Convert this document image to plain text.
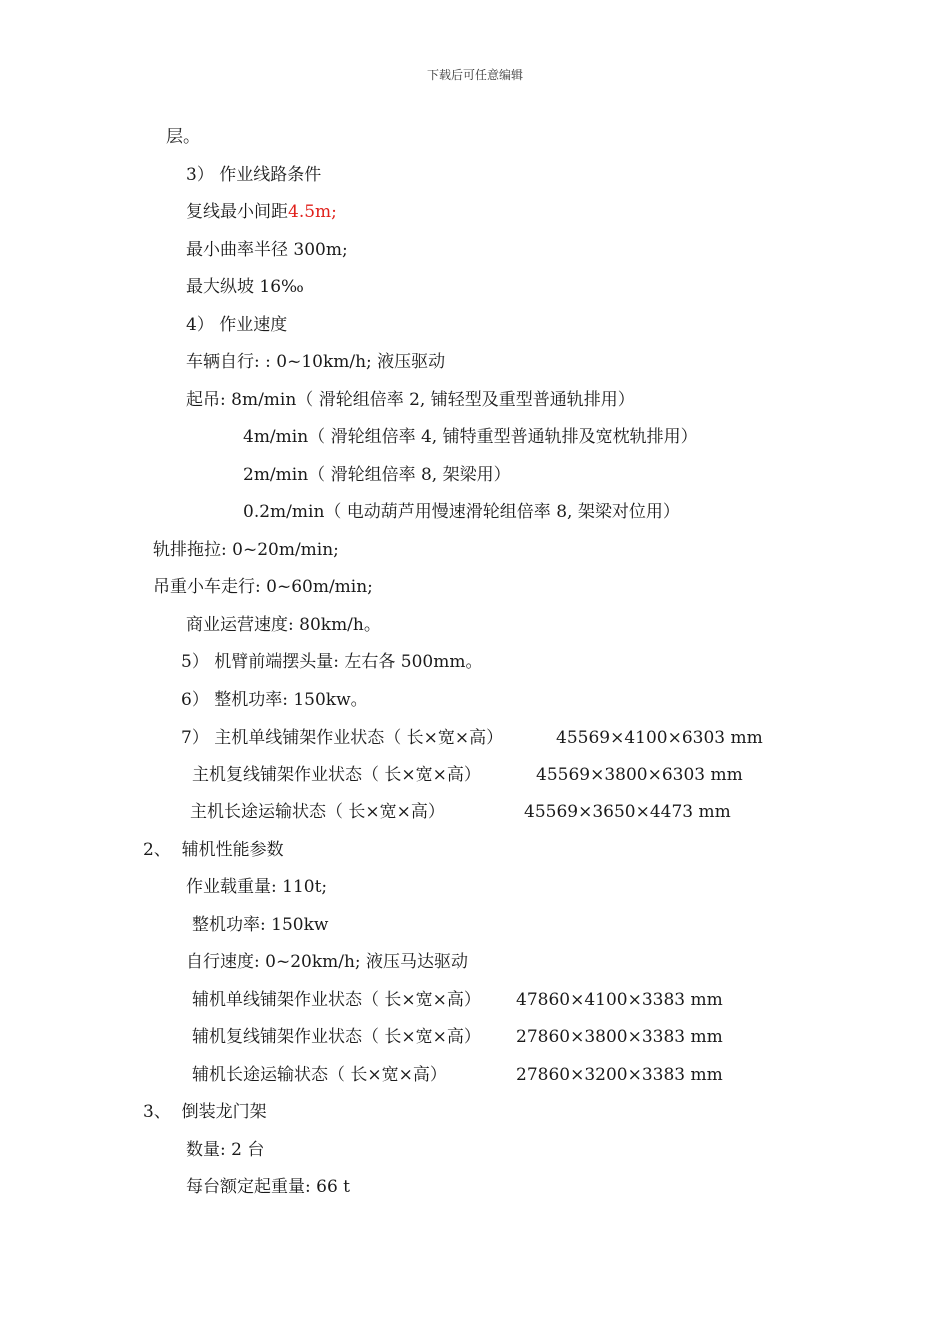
下载后可任意编辑
层。
3） 作业线路条件
复线最小间距4.5m;
最小曲率半径 300m;
最大纵坡 16‰
4） 作业速度
车辆自行: : 0~10km/h; 液压驱动
起吊: 8m/min（ 滑轮组倍率 2, 铺轻型及重型普通轨排用）
4m/min（ 滑轮组倍率 4, 铺特重型普通轨排及宽枕轨排用）
2m/min（ 滑轮组倍率 8, 架梁用）
0.2m/min（ 电动葫芦用慢速滑轮组倍率 8, 架梁对位用）
轨排拖拉: 0~20m/min;
吊重小车走行: 0~60m/min;
商业运营速度: 80km/h。
5） 机臂前端摆头量: 左右各 500mm。
6） 整机功率: 150kw。
7） 主机单线铺架作业状态（ 长×宽×高）	45569×4100×6303 mm
主机复线铺架作业状态（ 长×宽×高）	45569×3800×6303 mm
主机长途运输状态（ 长×宽×高）	45569×3650×4473 mm
2、  辅机性能参数
作业载重量: 110t;
整机功率: 150kw
自行速度: 0~20km/h; 液压马达驱动
辅机单线铺架作业状态（ 长×宽×高） 47860×4100×3383 mm
辅机复线铺架作业状态（ 长×宽×高） 27860×3800×3383 mm
辅机长途运输状态（ 长×宽×高）	27860×3200×3383 mm
3、  倒装龙门架
数量: 2 台
每台额定起重量: 66 t
